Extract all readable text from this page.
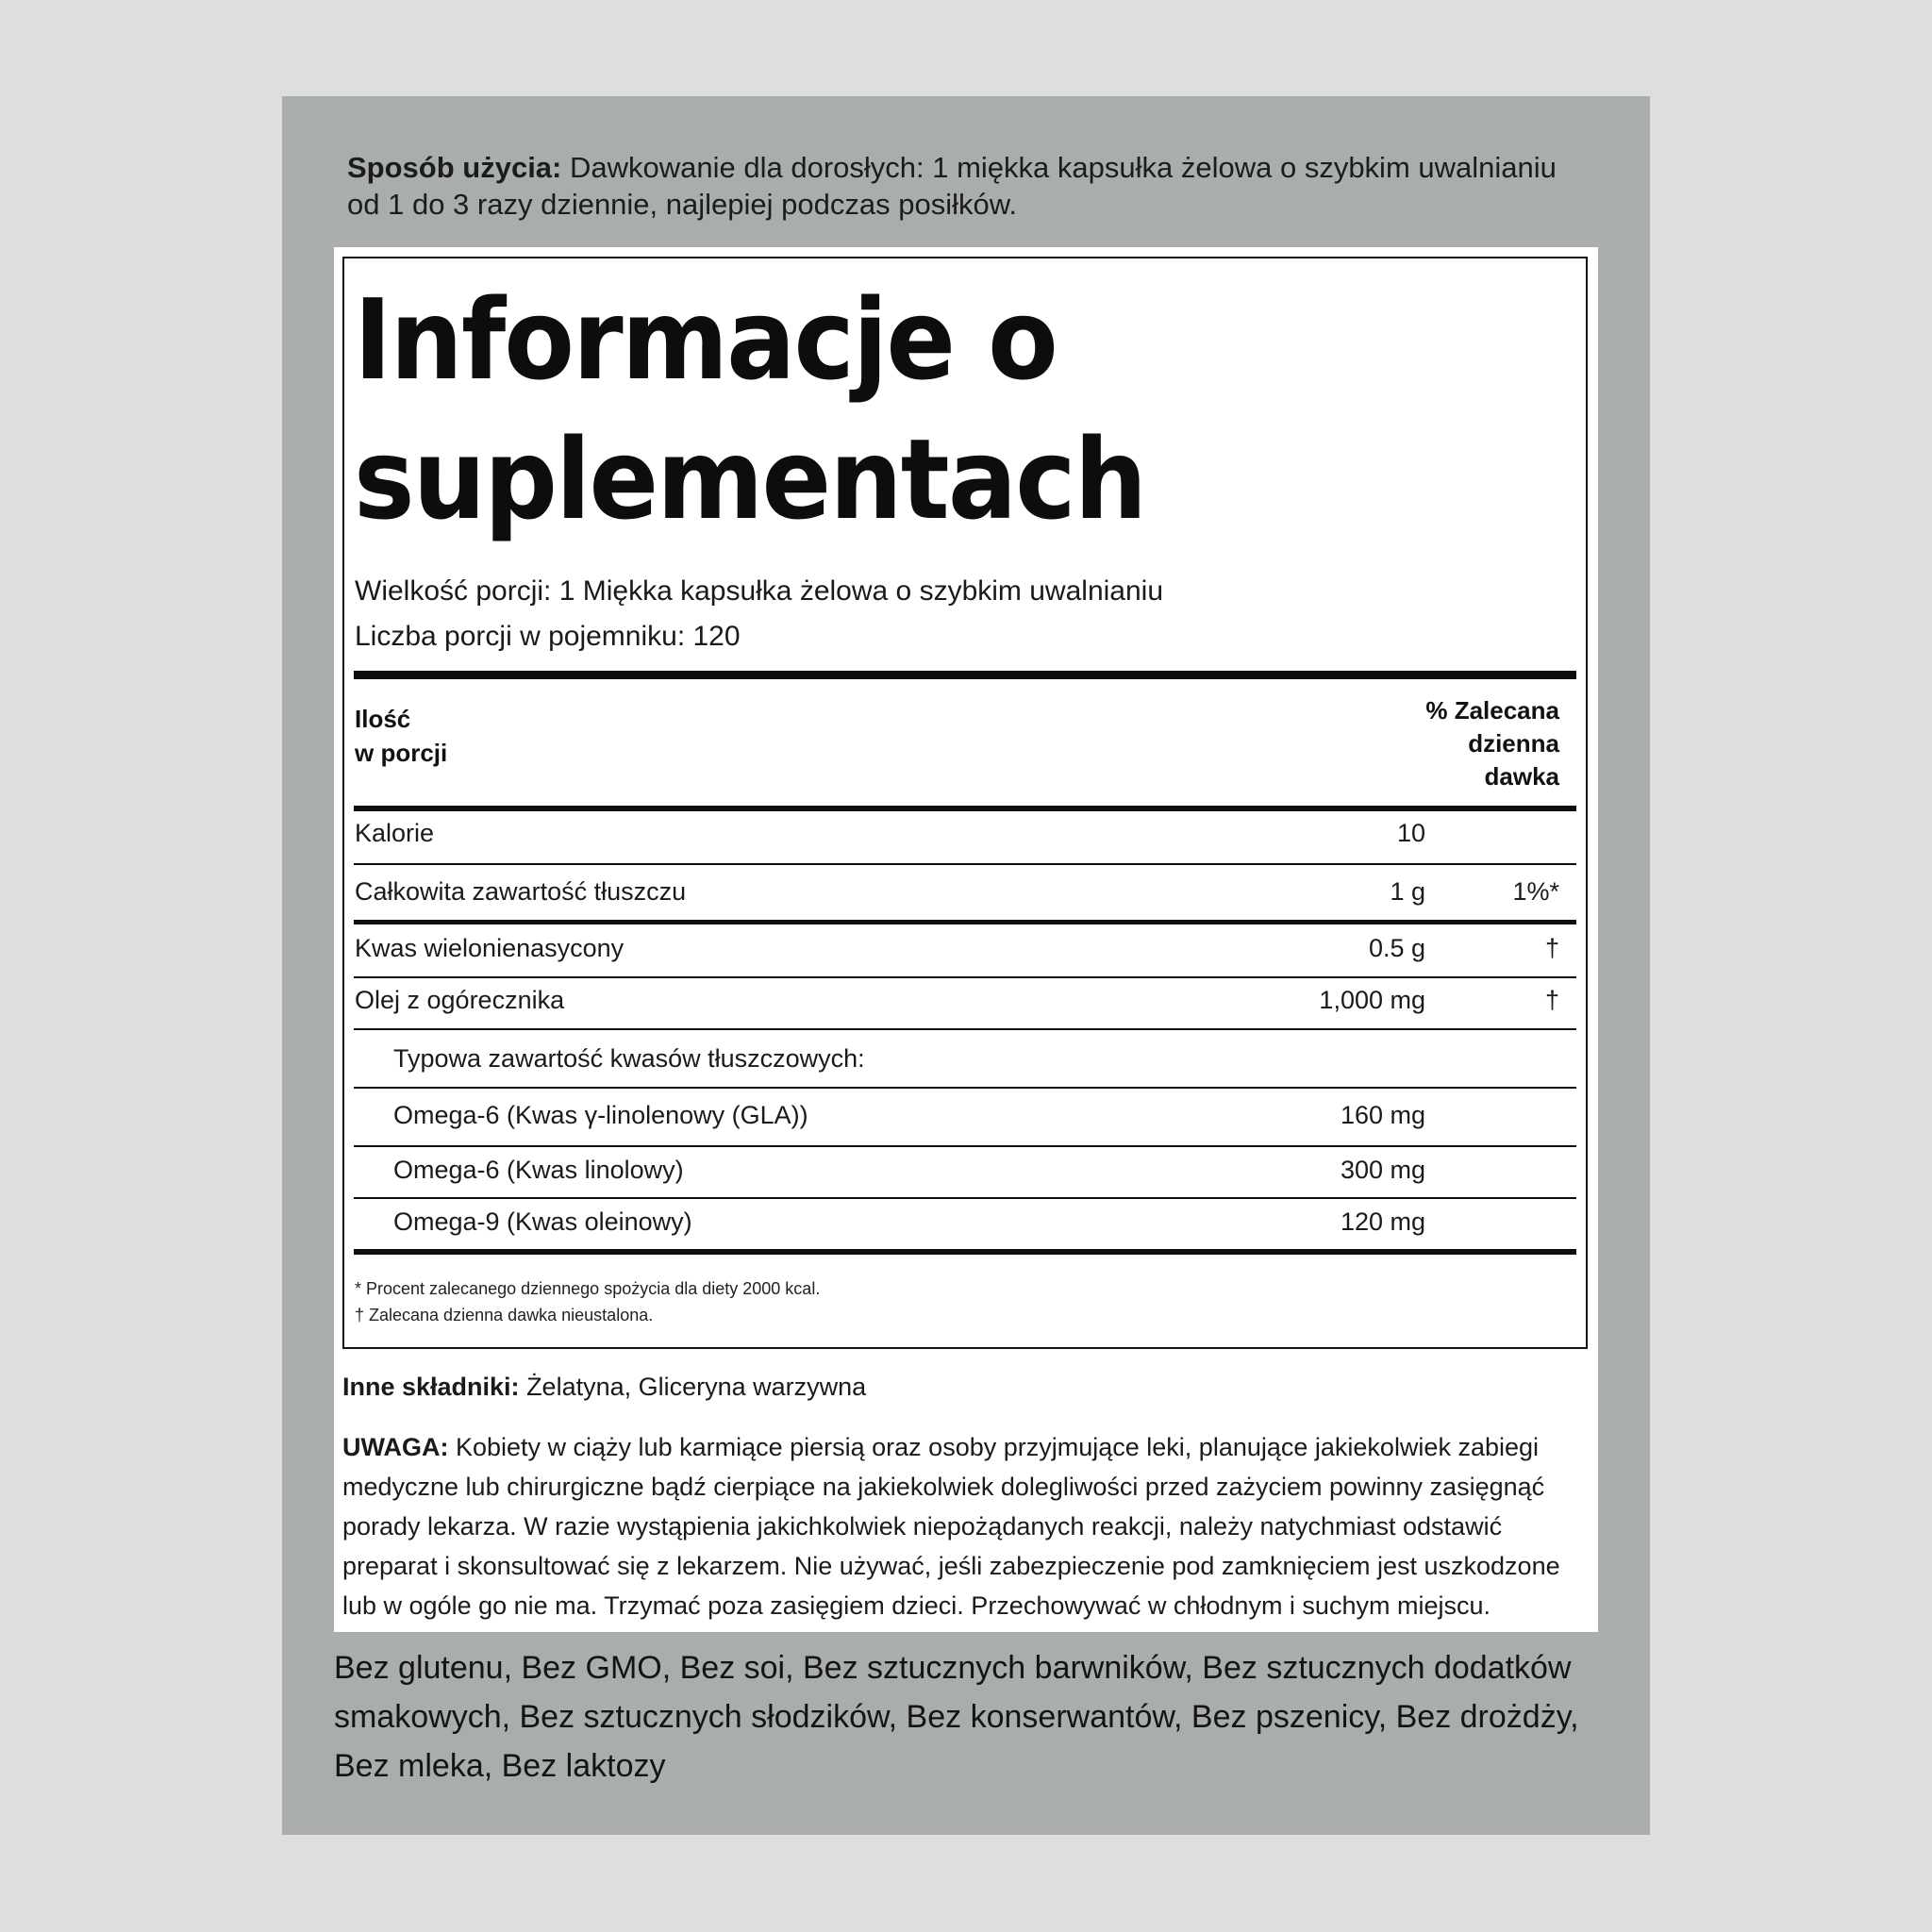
Sposób użycia: Dawkowanie dla dorosłych: 1 miękka kapsułka żelowa o szybkim uwalnianiu od 1 do 3 razy dziennie, najlepiej podczas posiłków.
Informacje o
suplementach
Wielkość porcji: 1 Miękka kapsułka żelowa o szybkim uwalnianiu
Liczba porcji w pojemniku: 120
Ilość
w porcji
% Zalecana
dzienna
dawka
Kalorie	10
Całkowita zawartość tłuszczu	1 g	1%*
Kwas wielonienasycony	0.5 g	†
Olej z ogórecznika	1,000 mg	†
Typowa zawartość kwasów tłuszczowych:
Omega-6 (Kwas γ-linolenowy (GLA))	160 mg
Omega-6 (Kwas linolowy)	300 mg
Omega-9 (Kwas oleinowy)	120 mg
* Procent zalecanego dziennego spożycia dla diety 2000 kcal.
† Zalecana dzienna dawka nieustalona.
Inne składniki: Żelatyna, Gliceryna warzywna
UWAGA: Kobiety w ciąży lub karmiące piersią oraz osoby przyjmujące leki, planujące jakiekolwiek zabiegi medyczne lub chirurgiczne bądź cierpiące na jakiekolwiek dolegliwości przed zażyciem powinny zasięgnąć porady lekarza. W razie wystąpienia jakichkolwiek niepożądanych reakcji, należy natychmiast odstawić preparat i skonsultować się z lekarzem. Nie używać, jeśli zabezpieczenie pod zamknięciem jest uszkodzone lub w ogóle go nie ma. Trzymać poza zasięgiem dzieci. Przechowywać w chłodnym i suchym miejscu.
Bez glutenu, Bez GMO, Bez soi, Bez sztucznych barwników, Bez sztucznych dodatków smakowych, Bez sztucznych słodzików, Bez konserwantów, Bez pszenicy, Bez drożdży, Bez mleka, Bez laktozy
